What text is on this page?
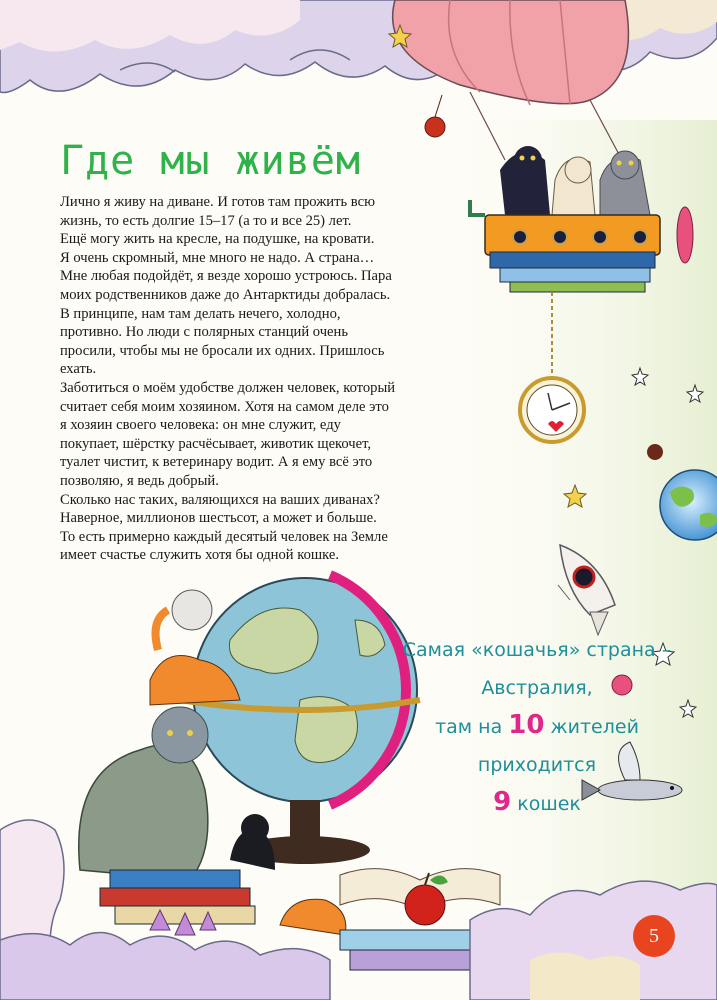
Где мы живём
Лично я живу на диване. И готов там прожить всю
жизнь, то есть долгие 15–17 (а то и все 25) лет.
Ещё могу жить на кресле, на подушке, на кровати.
Я очень скромный, мне много не надо. А страна…
Мне любая подойдёт, я везде хорошо устроюсь. Пара
моих родственников даже до Антарктиды добралась.
В принципе, нам там делать нечего, холодно,
противно. Но люди с полярных станций очень
просили, чтобы мы не бросали их одних. Пришлось
ехать.
Заботиться о моём удобстве должен человек, который
считает себя моим хозяином. Хотя на самом деле это
я хозяин своего человека: он мне служит, еду
покупает, шёрстку расчёсывает, животик щекочет,
туалет чистит, к ветеринару водит. А я ему всё это
позволяю, я ведь добрый.
Сколько нас таких, валяющихся на ваших диванах?
Наверное, миллионов шестьсот, а может и больше.
То есть примерно каждый десятый человек на Земле
имеет счастье служить хотя бы одной кошке.
Самая «кошачья» страна –
Австралия,
там на 10 жителей
приходится
9 кошек
5
